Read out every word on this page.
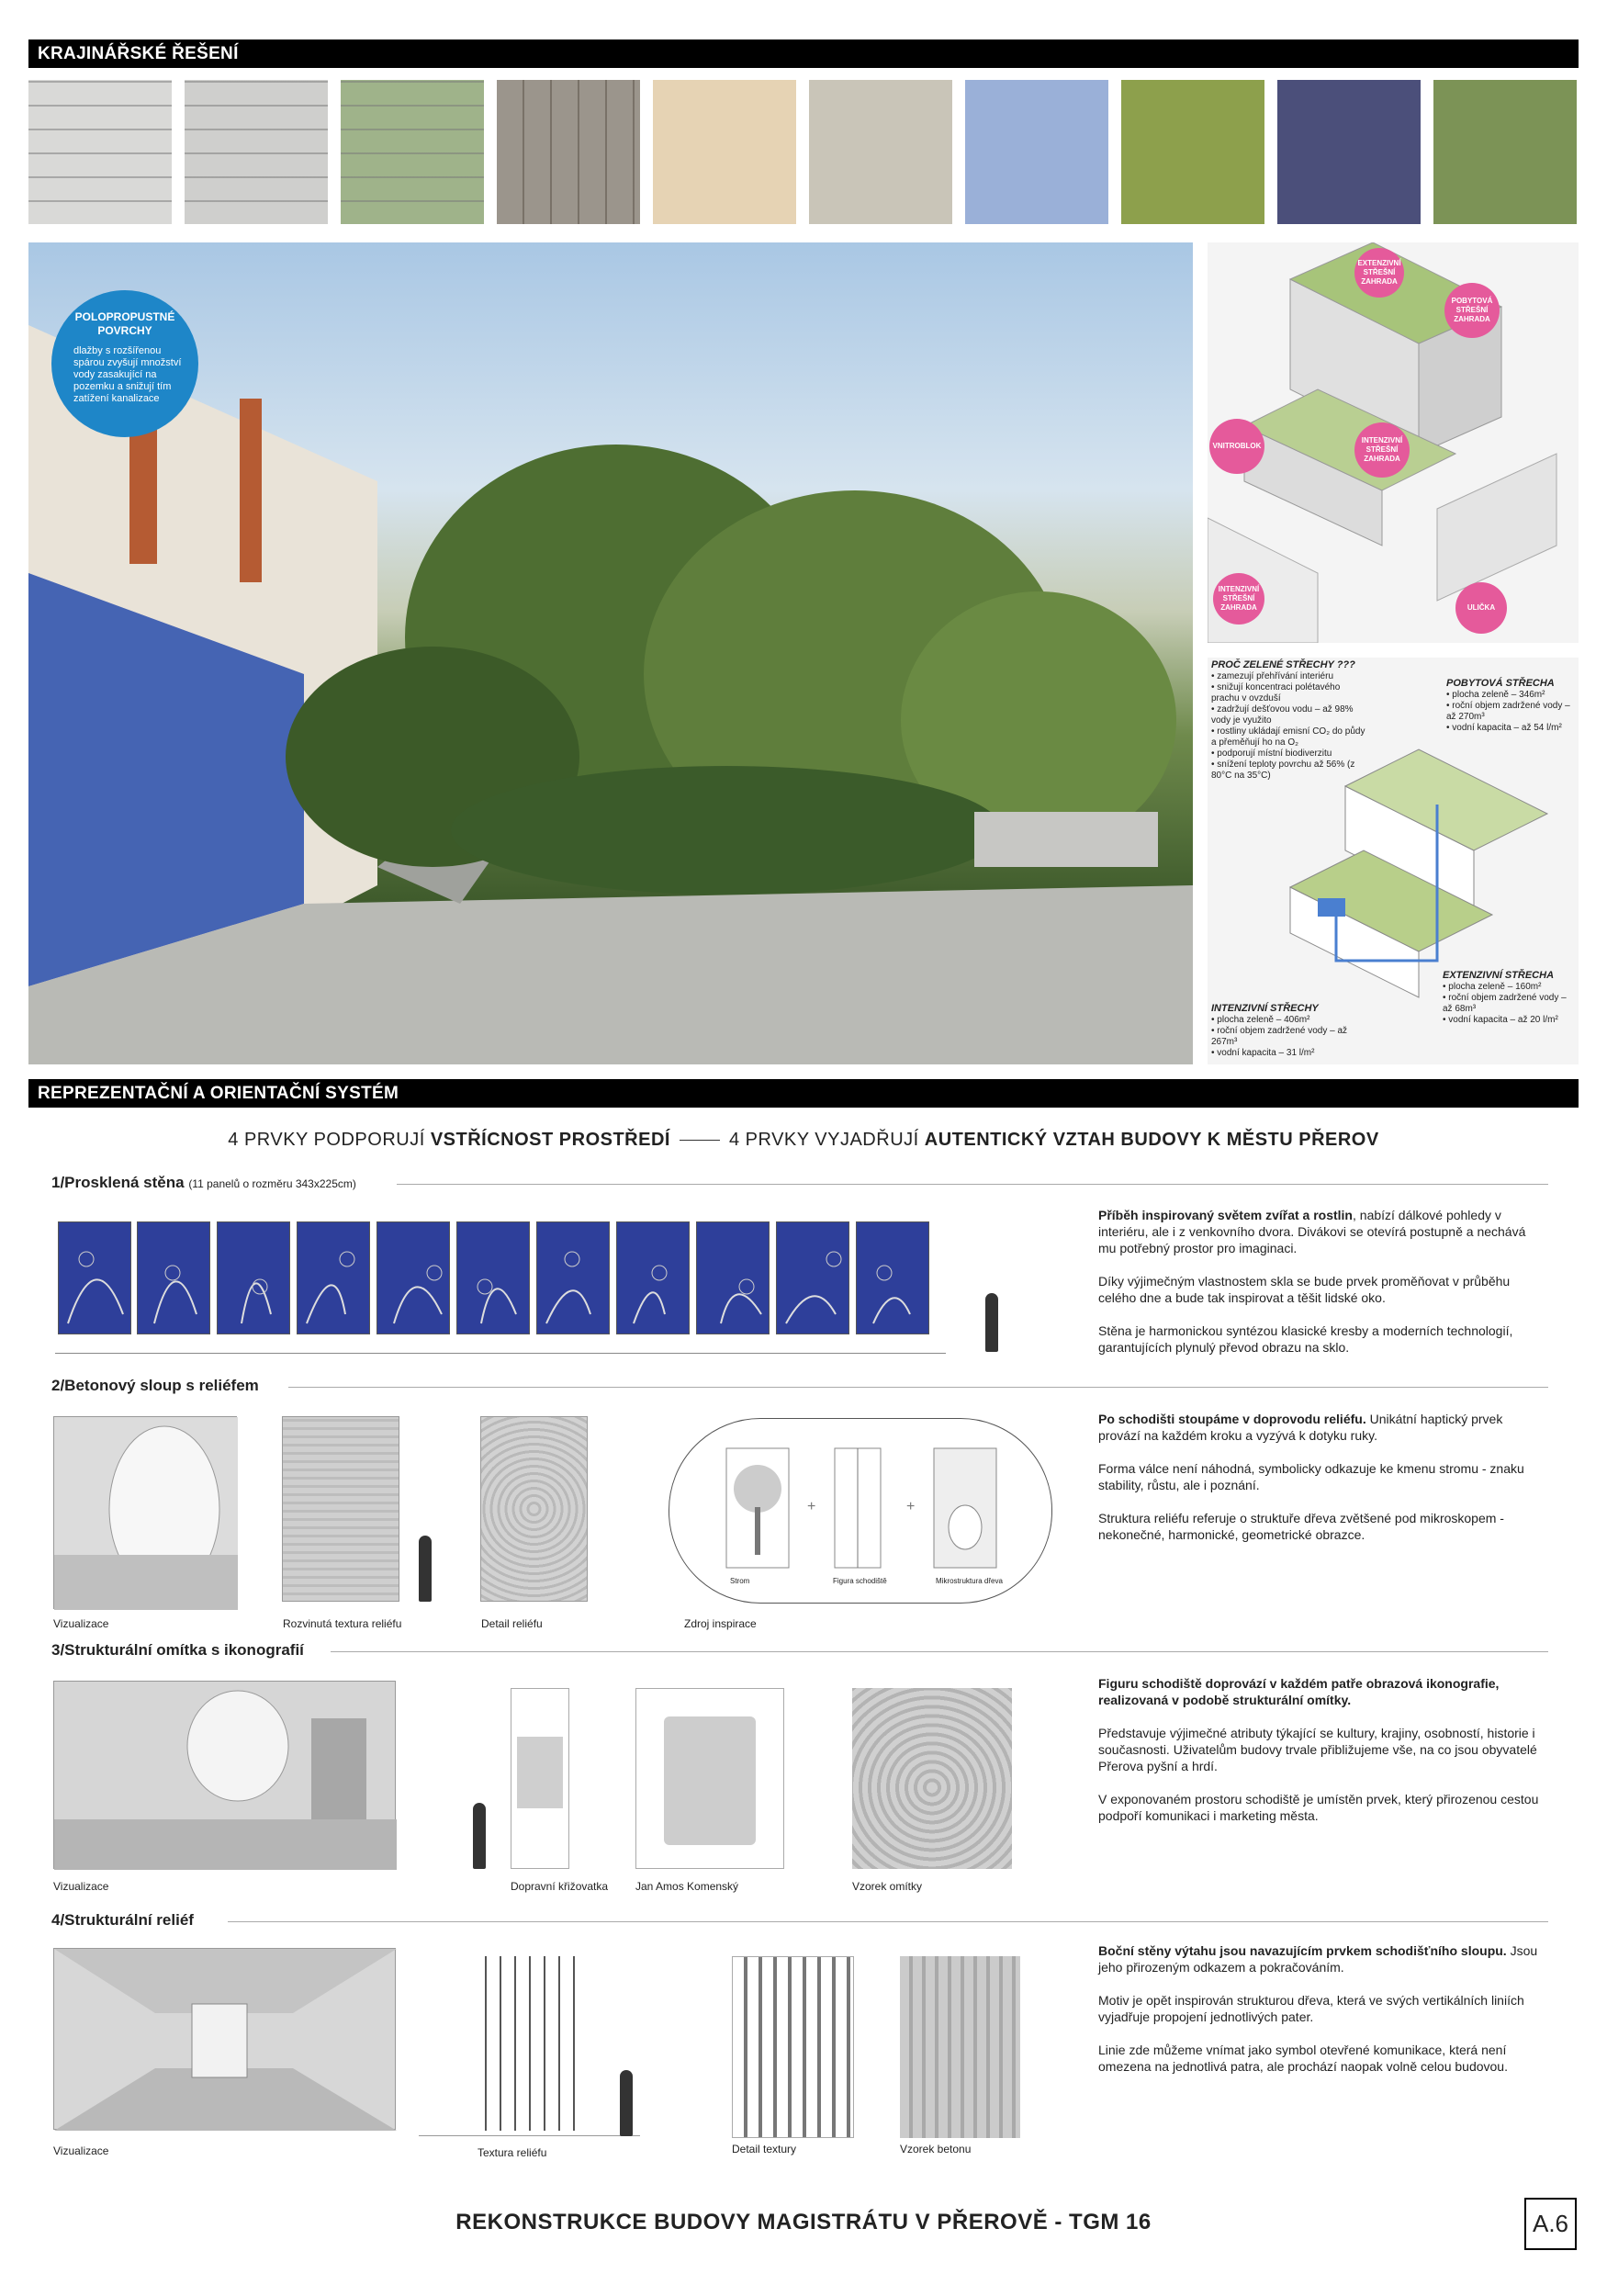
KRAJINÁŘSKÉ ŘEŠENÍ
POLOPROPUSTNÉ POVRCHY
dlažby s rozšířenou spárou zvyšují množství vody zasakující na pozemku a snižují tím zatížení kanalizace
EXTENZIVNÍ STŘEŠNÍ ZAHRADA
POBYTOVÁ STŘEŠNÍ ZAHRADA
VNITROBLOK
INTENZIVNÍ STŘEŠNÍ ZAHRADA
INTENZIVNÍ STŘEŠNÍ ZAHRADA	ULIČKA
PROČ ZELENÉ STŘECHY ???
• zamezují přehřívání interiéru
• snižují koncentraci polétavého prachu v ovzduší
• zadržují dešťovou vodu – až 98% vody je využito
• rostliny ukládají emisní CO₂ do půdy a přeměňují ho na O₂
• podporují místní biodiverzitu
• snížení teploty povrchu až 56% (z 80°C na 35°C)
POBYTOVÁ STŘECHA
• plocha zeleně – 346m²
• roční objem zadržené vody – až 270m³
• vodní kapacita – až 54 l/m²
EXTENZIVNÍ STŘECHA
• plocha zeleně – 160m²
• roční objem zadržené vody – až 68m³
• vodní kapacita – až 20 l/m²
INTENZIVNÍ STŘECHY
• plocha zeleně – 406m²
• roční objem zadržené vody – až 267m³
• vodní kapacita – 31 l/m²
REPREZENTAČNÍ A ORIENTAČNÍ SYSTÉM
4 PRVKY PODPORUJÍ VSTŘÍCNOST PROSTŘEDÍ	4 PRVKY VYJADŘUJÍ AUTENTICKÝ VZTAH BUDOVY K MĚSTU PŘEROV
1/Prosklená stěna (11 panelů o rozměru 343x225cm)

Příběh inspirovaný světem zvířat a rostlin, nabízí dálkové pohledy v interiéru, ale i z venkovního dvora. Divákovi se otevírá postupně a nechává mu potřebný prostor pro imaginaci.

Díky výjimečným vlastnostem skla se bude prvek proměňovat v průběhu celého dne a bude tak inspirovat a těšit lidské oko.

Stěna je harmonickou syntézou klasické kresby a moderních technologií, garantujících plynulý převod obrazu na sklo.

2/Betonový sloup s reliéfem
+	+
Strom	Figura schodiště	Mikrostruktura dřeva
Vizualizace	Rozvinutá textura reliéfu	Detail reliéfu	Zdroj inspirace

Po schodišti stoupáme v doprovodu reliéfu. Unikátní haptický prvek provází na každém kroku a vyzývá k dotyku ruky.

Forma válce není náhodná, symbolicky odkazuje ke kmenu stromu - znaku stability, růstu, ale i poznání.

Struktura reliéfu referuje o struktuře dřeva zvětšené pod mikroskopem - nekonečné, harmonické, geometrické obrazce.

3/Strukturální omítka s ikonografií
Vizualizace	Dopravní křižovatka Jan Amos Komenský	Vzorek omítky

Figuru schodiště doprovází v každém patře obrazová ikonografie, realizovaná v podobě strukturální omítky.

Představuje výjimečné atributy týkající se kultury, krajiny, osobností, historie i současnosti. Uživatelům budovy trvale přibližujeme vše, na co jsou obyvatelé Přerova pyšní a hrdí.

V exponovaném prostoru schodiště je umístěn prvek, který přirozenou cestou podpoří komunikaci i marketing města.

4/Strukturální reliéf
Vizualizace	Textura reliéfu	Detail textury	Vzorek betonu

Boční stěny výtahu jsou navazujícím prvkem schodišťního sloupu. Jsou jeho přirozeným odkazem a pokračováním.

Motiv je opět inspirován strukturou dřeva, která ve svých vertikálních liniích vyjadřuje propojení jednotlivých pater.

Linie zde můžeme vnímat jako symbol otevřené komunikace, která není omezena na jednotlivá patra, ale prochází naopak volně celou budovou.

REKONSTRUKCE BUDOVY MAGISTRÁTU V PŘEROVĚ - TGM 16	A.6
